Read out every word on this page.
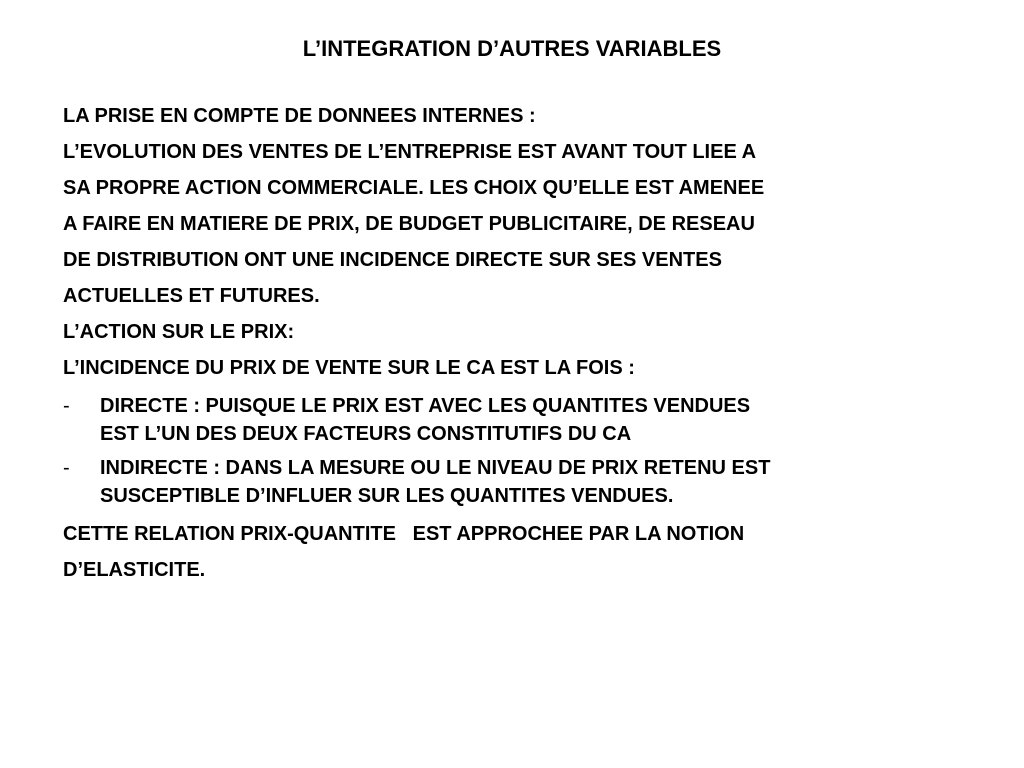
L’INTEGRATION D’AUTRES VARIABLES
LA PRISE EN COMPTE DE DONNEES INTERNES :
L’EVOLUTION DES VENTES DE L’ENTREPRISE EST AVANT TOUT LIEE A
SA PROPRE ACTION COMMERCIALE. LES CHOIX QU’ELLE EST AMENEE
A FAIRE EN MATIERE DE PRIX, DE BUDGET PUBLICITAIRE, DE RESEAU
DE DISTRIBUTION ONT UNE INCIDENCE DIRECTE SUR SES VENTES
ACTUELLES ET FUTURES.
L’ACTION SUR LE PRIX:
L’INCIDENCE DU PRIX DE VENTE SUR LE CA EST LA FOIS :
- DIRECTE : PUISQUE LE PRIX EST AVEC LES QUANTITES VENDUES
EST L’UN DES DEUX FACTEURS CONSTITUTIFS DU CA
- INDIRECTE : DANS LA MESURE OU LE NIVEAU DE PRIX RETENU EST
SUSCEPTIBLE D’INFLUER SUR LES QUANTITES VENDUES.
CETTE RELATION PRIX-QUANTITE   EST APPROCHEE PAR LA NOTION
D’ELASTICITE.
